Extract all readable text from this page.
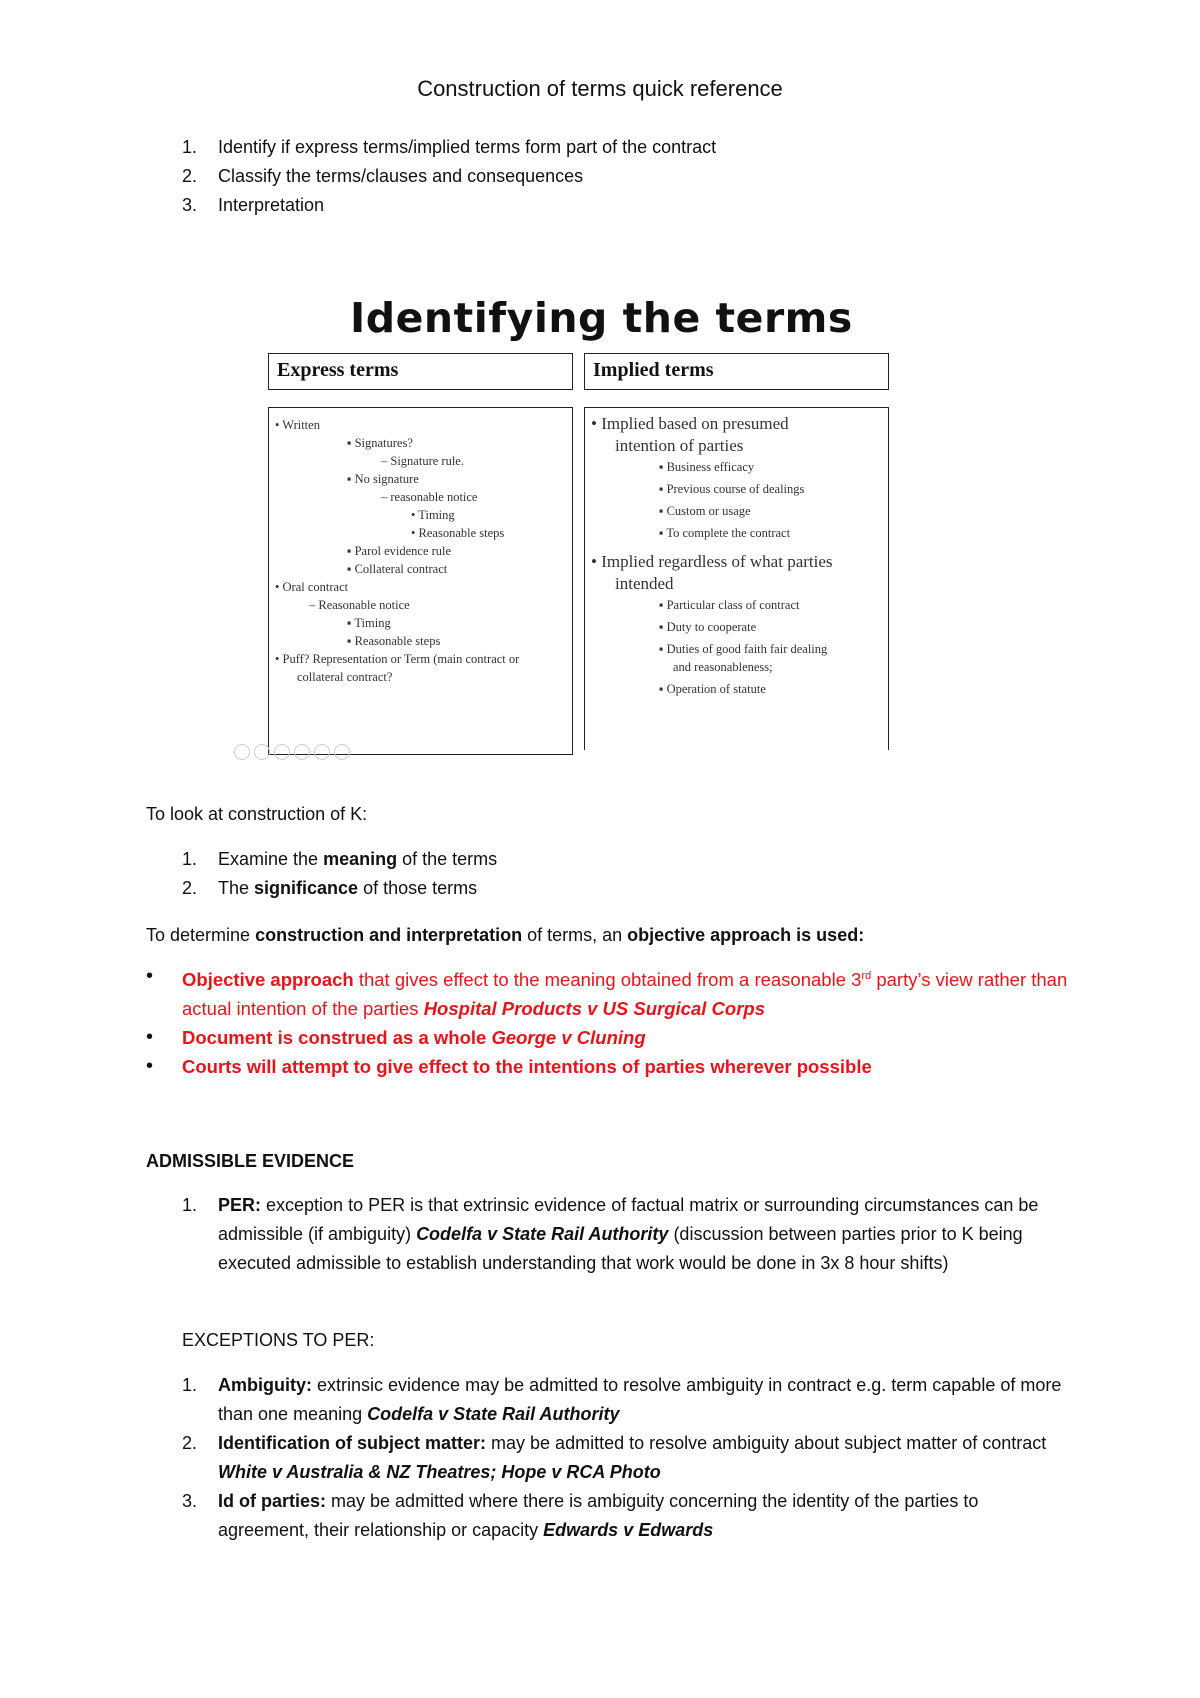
Construction of terms quick reference
1. Identify if express terms/implied terms form part of the contract
2. Classify the terms/clauses and consequences
3. Interpretation
Identifying the terms
Express terms	Implied terms
• Written
▪ Signatures?
– Signature rule.
▪ No signature
– reasonable notice
• Timing
• Reasonable steps
▪ Parol evidence rule
▪ Collateral contract
• Oral contract
– Reasonable notice
▪ Timing
▪ Reasonable steps
• Puff? Representation or Term (main contract or
collateral contract?
• Implied based on presumed
intention of parties
▪ Business efficacy
▪ Previous course of dealings
▪ Custom or usage
▪ To complete the contract
• Implied regardless of what parties
intended
▪ Particular class of contract
▪ Duty to cooperate
▪ Duties of good faith fair dealing
and reasonableness;
▪ Operation of statute
To look at construction of K:
1. Examine the meaning of the terms
2. The significance of those terms
To determine construction and interpretation of terms, an objective approach is used:
• Objective approach that gives effect to the meaning obtained from a reasonable 3rd party’s view rather than actual intention of the parties Hospital Products v US Surgical Corps
• Document is construed as a whole George v Cluning
• Courts will attempt to give effect to the intentions of parties wherever possible
ADMISSIBLE EVIDENCE
1. PER: exception to PER is that extrinsic evidence of factual matrix or surrounding circumstances can be admissible (if ambiguity) Codelfa v State Rail Authority (discussion between parties prior to K being executed admissible to establish understanding that work would be done in 3x 8 hour shifts)
EXCEPTIONS TO PER:
1. Ambiguity: extrinsic evidence may be admitted to resolve ambiguity in contract e.g. term capable of more than one meaning Codelfa v State Rail Authority
2. Identification of subject matter: may be admitted to resolve ambiguity about subject matter of contract White v Australia & NZ Theatres; Hope v RCA Photo
3. Id of parties: may be admitted where there is ambiguity concerning the identity of the parties to agreement, their relationship or capacity Edwards v Edwards
